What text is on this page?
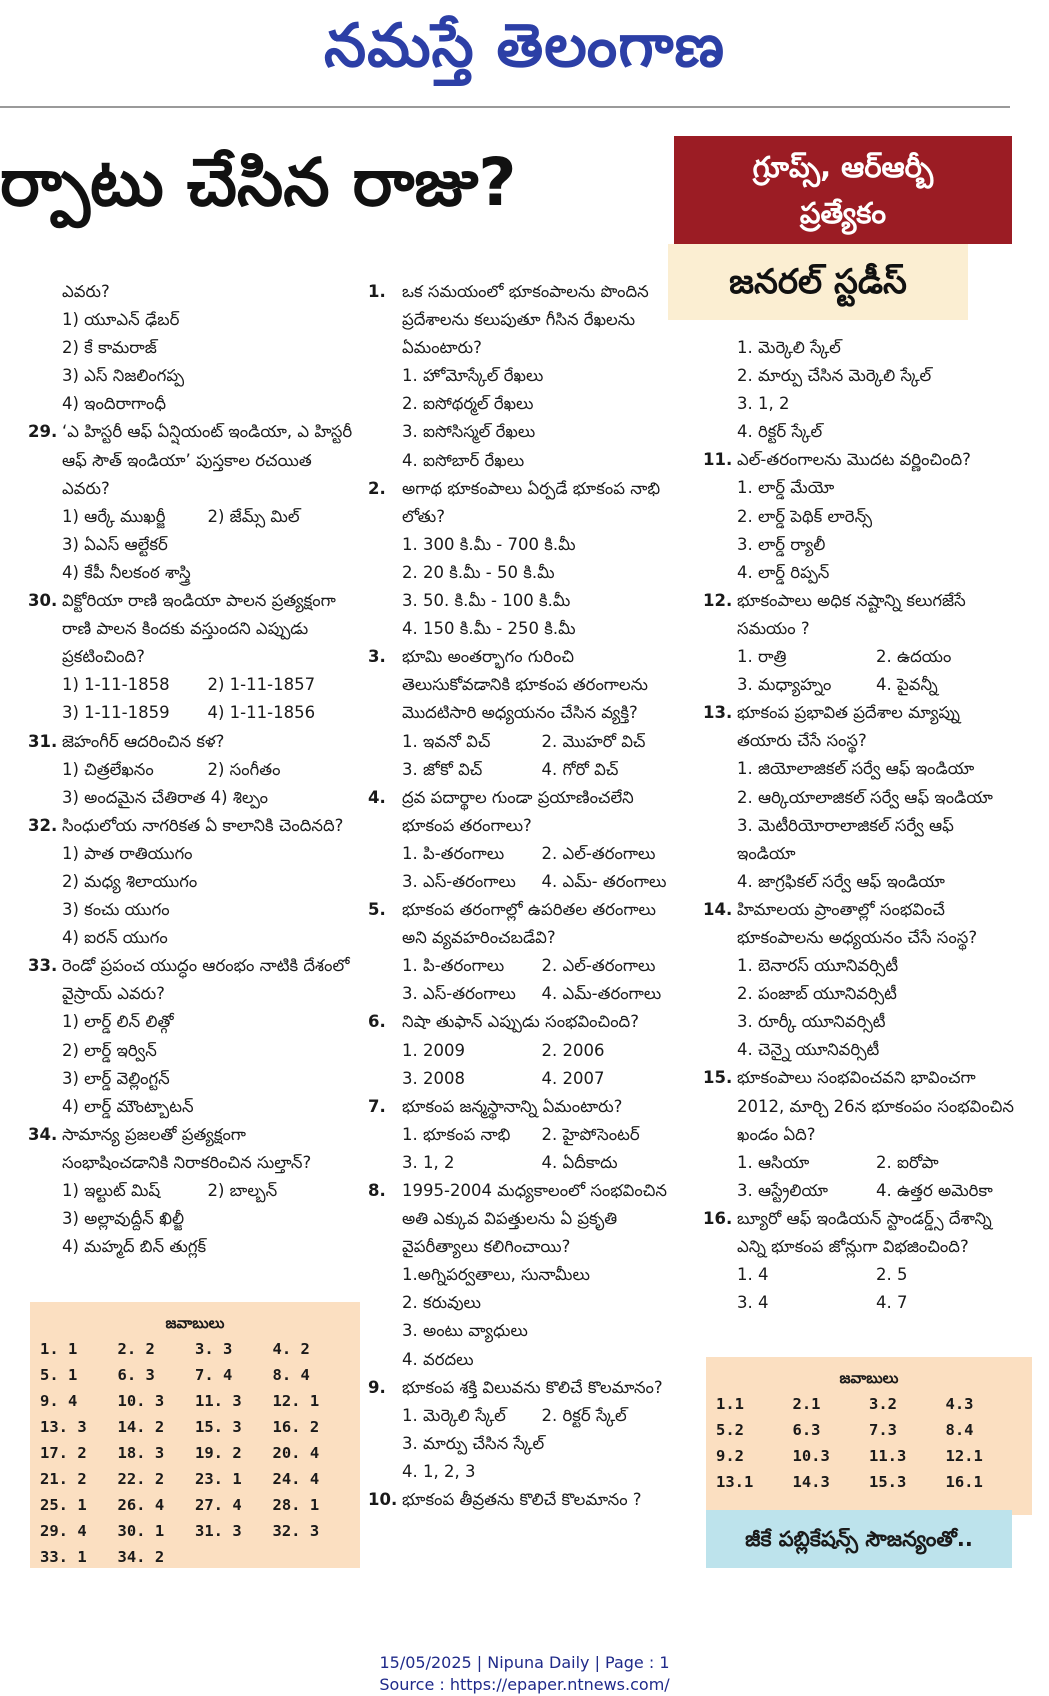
నమస్తే తెలంగాణ
ర్పాటు చేసిన రాజు?	గ్రూప్స్, ఆర్ఆర్బీ
ప్రత్యేకం
జనరల్ స్టడీస్
ఎవరు?
1) యూఎన్ ఢేబర్
2) కే కామరాజ్
3) ఎస్ నిజలింగప్ప
4) ఇందిరాగాంధీ
29. ‘ఎ హిస్టరీ ఆఫ్ ఏన్షియంట్ ఇండియా, ఎ హిస్టరీ ఆఫ్ సౌత్ ఇండియా’ పుస్తకాల రచయిత ఎవరు?
1) ఆర్కే ముఖర్జీ	2) జేమ్స్ మిల్
3) ఏఎస్ ఆల్టేకర్
4) కేపీ నీలకంఠ శాస్త్రి
30. విక్టోరియా రాణి ఇండియా పాలన ప్రత్యక్షంగా రాణి పాలన కిందకు వస్తుందని ఎప్పుడు ప్రకటించింది?
1) 1-11-1858	2) 1-11-1857
3) 1-11-1859	4) 1-11-1856
31. జెహంగీర్ ఆదరించిన కళ?
1) చిత్రలేఖనం	2) సంగీతం
3) అందమైన చేతిరాత 4) శిల్పం
32. సింధులోయ నాగరికత ఏ కాలానికి చెందినది?
1) పాత రాతియుగం
2) మధ్య శిలాయుగం
3) కంచు యుగం
4) ఐరన్ యుగం
33. రెండో ప్రపంచ యుద్ధం ఆరంభం నాటికి దేశంలో వైస్రాయ్ ఎవరు?
1) లార్డ్ లిన్ లిత్గో
2) లార్డ్ ఇర్విన్
3) లార్డ్ వెల్లింగ్టన్
4) లార్డ్ మౌంట్బాటన్
34. సామాన్య ప్రజలతో ప్రత్యక్షంగా సంభాషించడానికి నిరాకరించిన సుల్తాన్?
1) ఇల్టుట్ మిష్	2) బాల్బన్
3) అల్లావుద్దీన్ ఖిల్జీ
4) మహ్మద్ బిన్ తుగ్లక్
1. ఒక సమయంలో భూకంపాలను పొందిన ప్రదేశాలను కలుపుతూ గీసిన రేఖలను ఏమంటారు?
1. హోమోస్కేల్ రేఖలు
2. ఐసోథర్మల్ రేఖలు
3. ఐసోసిస్మల్ రేఖలు
4. ఐసోబార్ రేఖలు
2. అగాథ భూకంపాలు ఏర్పడే భూకంప నాభి లోతు?
1. 300 కి.మీ - 700 కి.మీ
2. 20 కి.మీ - 50 కి.మీ
3. 50. కి.మీ - 100 కి.మీ
4. 150 కి.మీ - 250 కి.మీ
3. భూమి అంతర్భాగం గురించి తెలుసుకోవడానికి భూకంప తరంగాలను మొదటిసారి అధ్యయనం చేసిన వ్యక్తి?
1. ఇవనో విచ్	2. మొహరో విచ్
3. జోకో విచ్	4. గోరో విచ్
4. ద్రవ పదార్థాల గుండా ప్రయాణించలేని భూకంప తరంగాలు?
1. పి-తరంగాలు	2. ఎల్-తరంగాలు
3. ఎస్-తరంగాలు	4. ఎమ్- తరంగాలు
5. భూకంప తరంగాల్లో ఉపరితల తరంగాలు అని వ్యవహరించబడేవి?
1. పి-తరంగాలు	2. ఎల్-తరంగాలు
3. ఎస్-తరంగాలు	4. ఎమ్-తరంగాలు
6. నిషా తుఫాన్ ఎప్పుడు సంభవించింది?
1. 2009	2. 2006
3. 2008	4. 2007
7. భూకంప జన్మస్థానాన్ని ఏమంటారు?
1. భూకంప నాభి	2. హైపోసెంటర్
3. 1, 2	4. ఏదీకాదు
8. 1995-2004 మధ్యకాలంలో సంభవించిన అతి ఎక్కువ విపత్తులను ఏ ప్రకృతి వైపరీత్యాలు కలిగించాయి?
1.అగ్నిపర్వతాలు, సునామీలు
2. కరువులు
3. అంటు వ్యాధులు
4. వరదలు
9. భూకంప శక్తి విలువను కొలిచే కొలమానం?
1. మెర్కెలి స్కేల్	2. రిక్టర్ స్కేల్
3. మార్పు చేసిన స్కేల్
4. 1, 2, 3
10. భూకంప తీవ్రతను కొలిచే కొలమానం ?
1. మెర్కెలి స్కేల్
2. మార్పు చేసిన మెర్కెలి స్కేల్
3. 1, 2
4. రిక్టర్ స్కేల్
11. ఎల్-తరంగాలను మొదట వర్ణించింది?
1. లార్డ్ మేయో
2. లార్డ్ పెథిక్ లారెన్స్
3. లార్డ్ ర్యాలీ
4. లార్డ్ రిప్పన్
12. భూకంపాలు అధిక నష్టాన్ని కలుగజేసే సమయం ?
1. రాత్రి	2. ఉదయం
3. మధ్యాహ్నం	4. పైవన్నీ
13. భూకంప ప్రభావిత ప్రదేశాల మ్యాప్ను తయారు చేసే సంస్థ?
1. జియోలాజికల్ సర్వే ఆఫ్ ఇండియా
2. ఆర్కియాలాజికల్ సర్వే ఆఫ్ ఇండియా
3. మెటీరియోరాలాజికల్ సర్వే ఆఫ్
ఇండియా
4. జాగ్రఫికల్ సర్వే ఆఫ్ ఇండియా
14. హిమాలయ ప్రాంతాల్లో సంభవించే భూకంపాలను అధ్యయనం చేసే సంస్థ?
1. బెనారస్ యూనివర్సిటీ
2. పంజాబ్ యూనివర్సిటీ
3. రూర్కీ యూనివర్సిటీ
4. చెన్నై యూనివర్సిటీ
15. భూకంపాలు సంభవించవని భావించగా 2012, మార్చి 26న భూకంపం సంభవించిన ఖండం ఏది?
1. ఆసియా	2. ఐరోపా
3. ఆస్ట్రేలియా	4. ఉత్తర అమెరికా
16. బ్యూరో ఆఫ్ ఇండియన్ స్టాండర్డ్స్ దేశాన్ని ఎన్ని భూకంప జోన్లుగా విభజించింది?
1. 4	2. 5
3. 4	4. 7
జవాబులు
1. 1	2. 2	3. 3	4. 2
5. 1	6. 3	7. 4	8. 4
9. 4	10. 3	11. 3	12. 1
13. 3	14. 2	15. 3	16. 2
17. 2	18. 3	19. 2	20. 4
21. 2	22. 2	23. 1	24. 4
25. 1	26. 4	27. 4	28. 1
29. 4	30. 1	31. 3	32. 3
33. 1	34. 2
జవాబులు
1.1	2.1	3.2	4.3
5.2	6.3	7.3	8.4
9.2	10.3	11.3	12.1
13.1	14.3	15.3	16.1
జీకే పబ్లికేషన్స్ సౌజన్యంతో..
15/05/2025 | Nipuna Daily | Page : 1
Source : https://epaper.ntnews.com/
